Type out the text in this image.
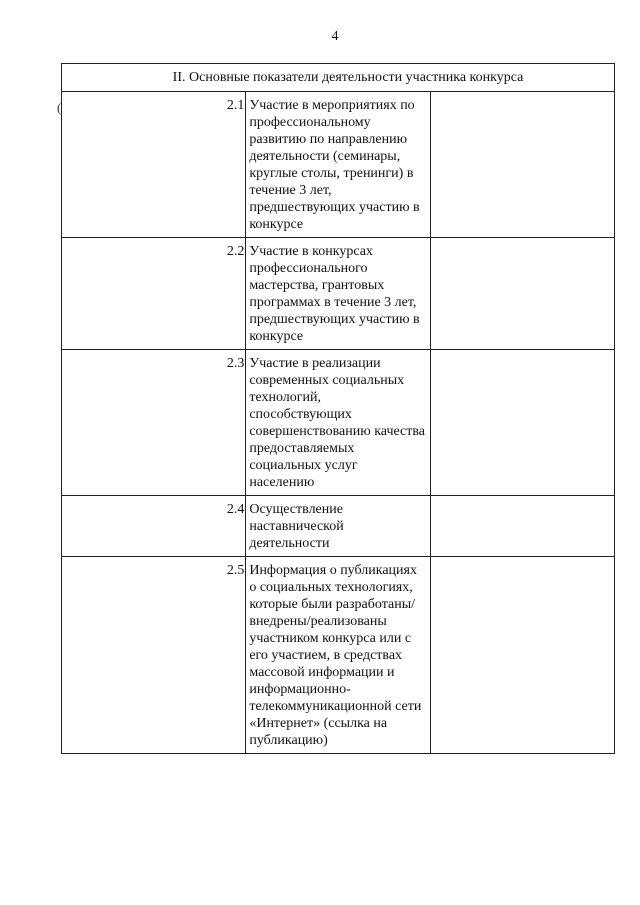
4
II. Основные показатели деятельности участника конкурса		
2.1	Участие в мероприятиях по профессиональному развитию по направлению деятельности (семинары, круглые столы, тренинги) в течение 3 лет, предшествующих участию в конкурсе	
2.2	Участие в конкурсах профессионального мастерства, грантовых программах в течение 3 лет, предшествующих участию в конкурсе	
2.3	Участие в реализации современных социальных технологий, способствующих совершенствованию качества предоставляемых социальных услуг населению	
2.4	Осуществление наставнической деятельности	
2.5	Информация о публикациях о социальных технологиях, которые были разработаны/внедрены/реализованы участником конкурса или с его участием, в средствах массовой информации и информационно-телекоммуникационной сети «Интернет» (ссылка на публикацию)	
(
